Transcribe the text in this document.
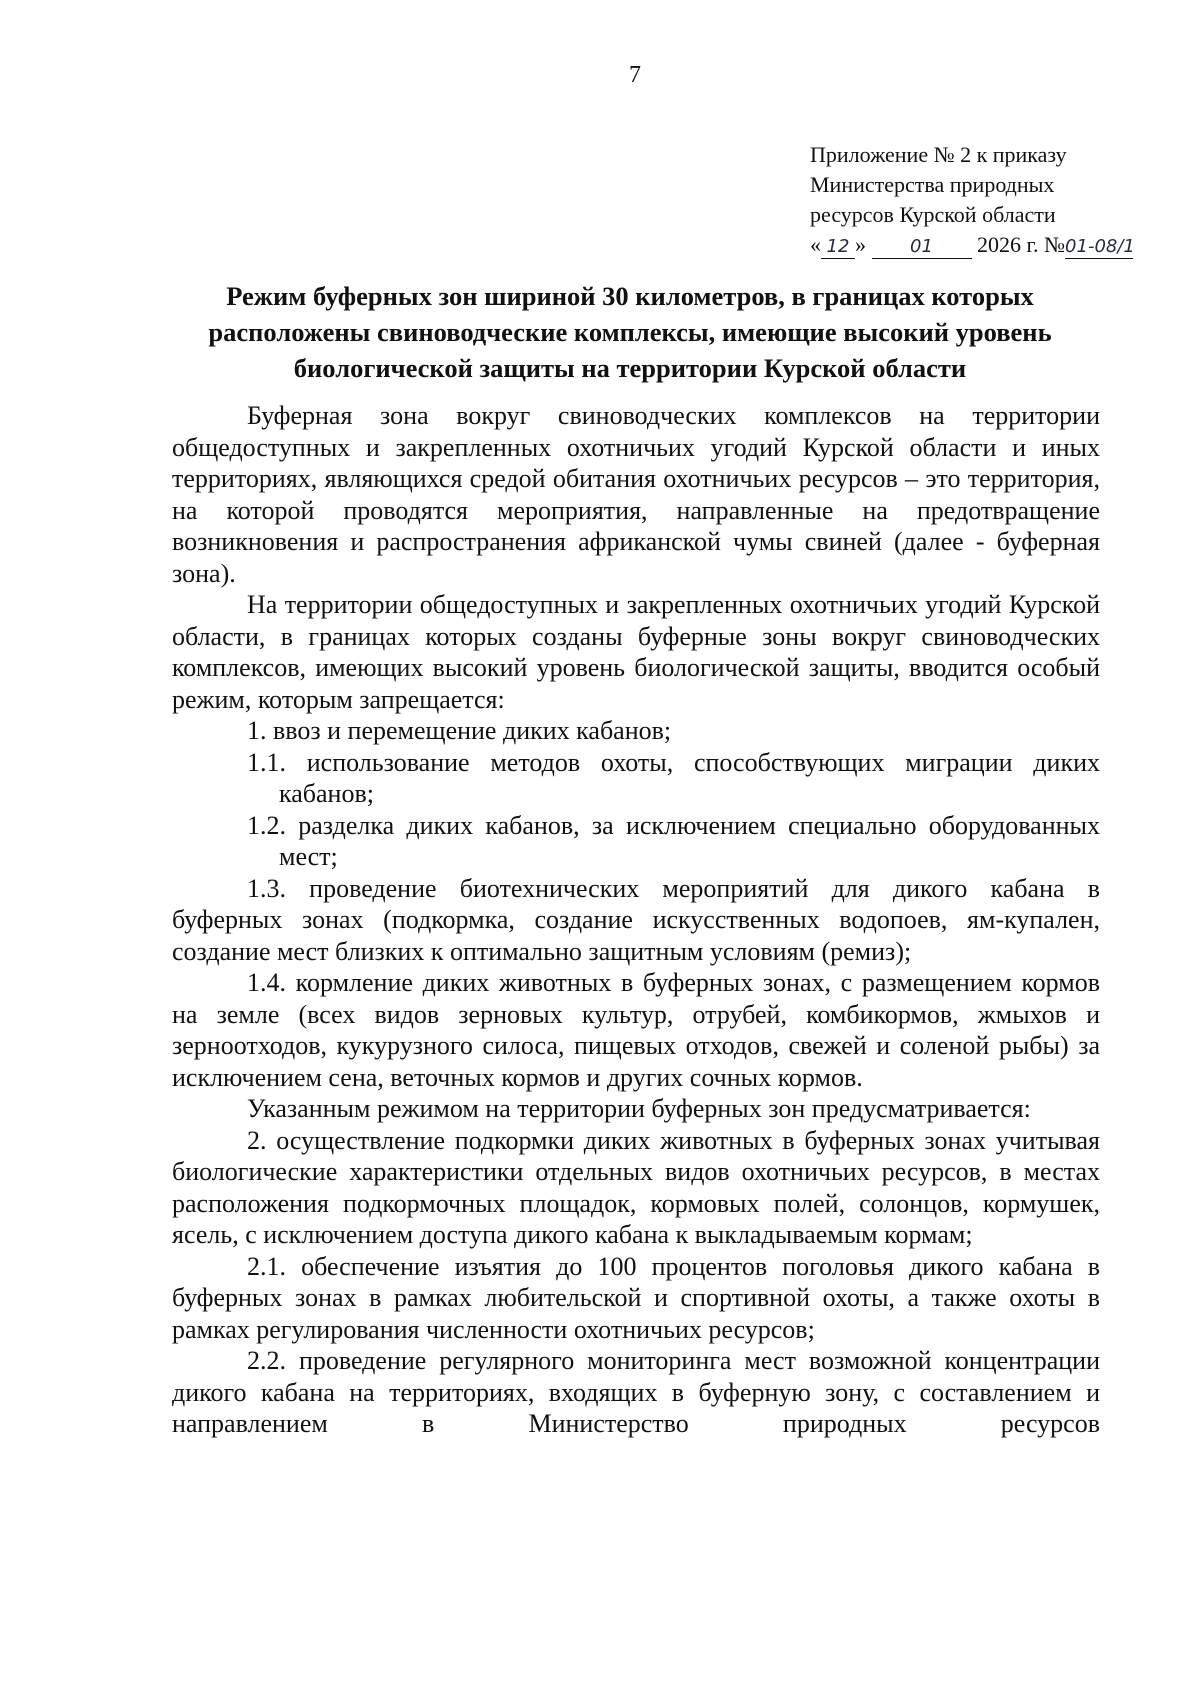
7
Приложение № 2 к приказу
Министерства природных
ресурсов Курской области
« 12 » 01 2026 г. №01-08/1
Режим буферных зон шириной 30 километров, в границах которых
расположены свиноводческие комплексы, имеющие высокий уровень
биологической защиты на территории Курской области

Буферная зона вокруг свиноводческих комплексов на территории общедоступных и закрепленных охотничьих угодий Курской области и иных территориях, являющихся средой обитания охотничьих ресурсов – это территория, на которой проводятся мероприятия, направленные на предотвращение возникновения и распространения африканской чумы свиней (далее - буферная зона).

На территории общедоступных и закрепленных охотничьих угодий Курской области, в границах которых созданы буферные зоны вокруг свиноводческих комплексов, имеющих высокий уровень биологической защиты, вводится особый режим, которым запрещается:

1. ввоз и перемещение диких кабанов;

1.1. использование методов охоты, способствующих миграции диких кабанов;

1.2. разделка диких кабанов, за исключением специально оборудованных мест;

1.3. проведение биотехнических мероприятий для дикого кабана в буферных зонах (подкормка, создание искусственных водопоев, ям-купален, создание мест близких к оптимально защитным условиям (ремиз);

1.4. кормление диких животных в буферных зонах, с размещением кормов на земле (всех видов зерновых культур, отрубей, комбикормов, жмыхов и зерноотходов, кукурузного силоса, пищевых отходов, свежей и соленой рыбы) за исключением сена, веточных кормов и других сочных кормов.

Указанным режимом на территории буферных зон предусматривается:

2. осуществление подкормки диких животных в буферных зонах учитывая биологические характеристики отдельных видов охотничьих ресурсов, в местах расположения подкормочных площадок, кормовых полей, солонцов, кормушек, ясель, с исключением доступа дикого кабана к выкладываемым кормам;

2.1. обеспечение изъятия до 100 процентов поголовья дикого кабана в буферных зонах в рамках любительской и спортивной охоты, а также охоты в рамках регулирования численности охотничьих ресурсов;

2.2. проведение регулярного мониторинга мест возможной концентрации дикого кабана на территориях, входящих в буферную зону, с составлением и направлением в Министерство природных ресурсов
